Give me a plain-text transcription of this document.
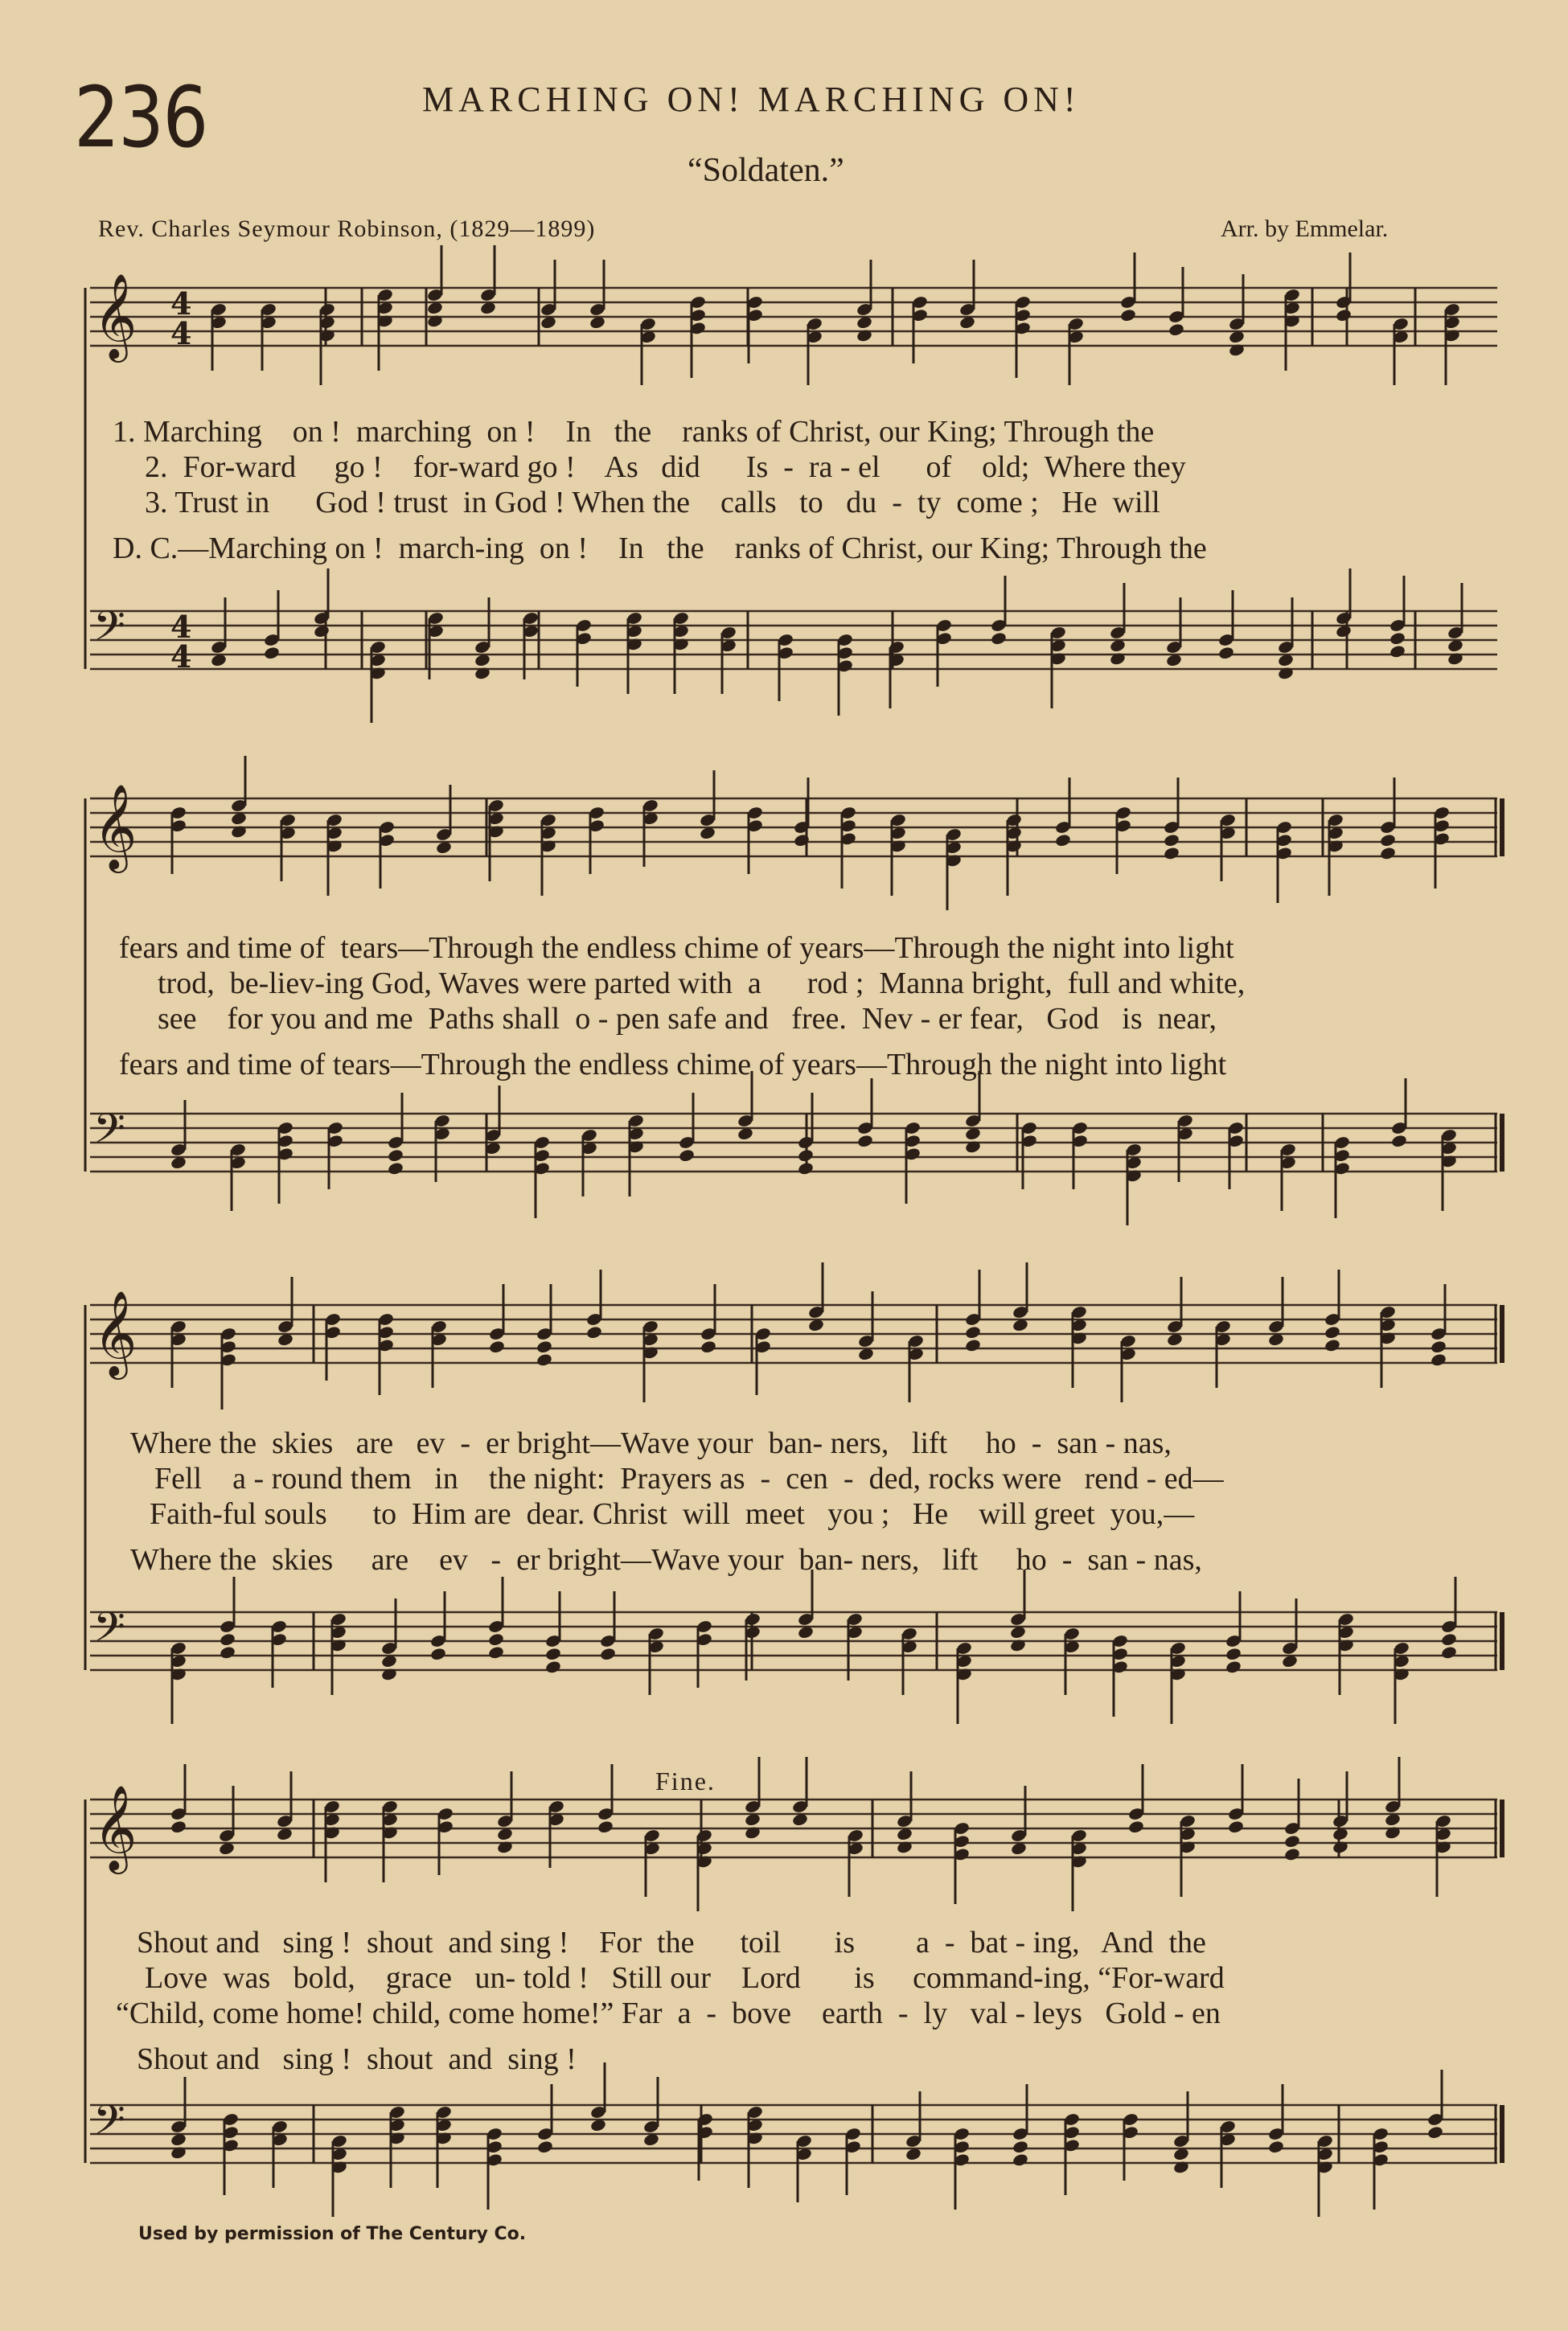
236	MARCHING ON! MARCHING ON!
“Soldaten.”
Rev. Charles Seymour Robinson, (1829—1899)	Arr. by Emmelar.
𝄞 4
4
𝄢 4
4
𝄞
𝄢
𝄞
𝄢
𝄞
𝄢
1. Marching    on !  marching  on !    In   the    ranks of Christ, our King; Through the
2.  For-ward     go !    for-ward go !    As   did      Is  -  ra - el      of    old;  Where they
3. Trust in      God ! trust  in God ! When the    calls   to   du  -  ty  come ;   He  will
D. C.—Marching on !  march-ing  on !    In   the    ranks of Christ, our King; Through the
fears and time of  tears—Through the endless chime of years—Through the night into light
trod,  be-liev-ing God, Waves were parted with  a      rod ;  Manna bright,  full and white,
see    for you and me  Paths shall  o - pen safe and   free.  Nev - er fear,   God   is  near,
fears and time of tears—Through the endless chime of years—Through the night into light
Where the  skies   are   ev  -  er bright—Wave your  ban- ners,   lift     ho  -  san - nas,
Fell    a - round them   in    the night:  Prayers as  -  cen  -  ded, rocks were   rend - ed—
Faith-ful souls      to  Him are  dear. Christ  will  meet   you ;   He    will greet  you,—
Where the  skies     are    ev   -  er bright—Wave your  ban- ners,   lift     ho  -  san - nas,
Shout and   sing !  shout  and sing !    For  the      toil       is        a  -  bat - ing,   And  the
Love  was   bold,    grace   un- told !   Still our    Lord       is     command-ing, “For-ward
“Child, come home! child, come home!” Far  a  -  bove    earth  -  ly   val - leys   Gold - en
Shout and   sing !  shout  and  sing !
Fine.
Used by permission of The Century Co.
